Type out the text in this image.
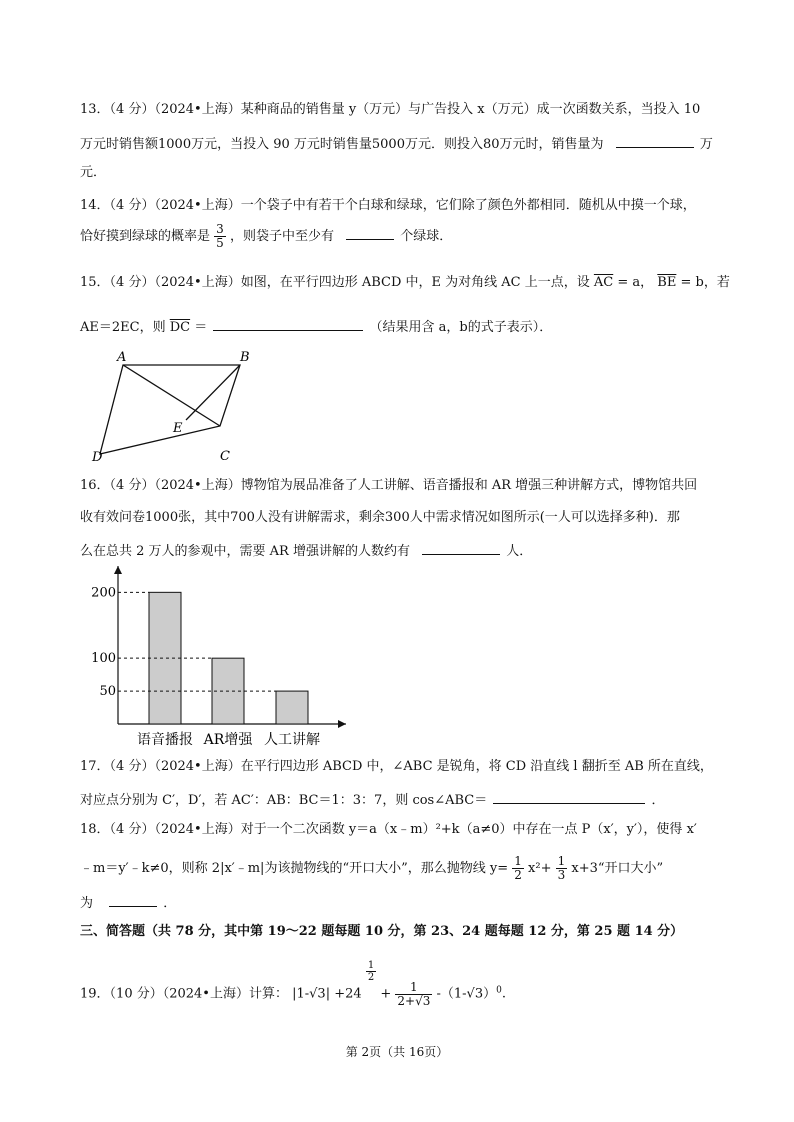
13．（4 分）（2024•上海）某种商品的销售量 y（万元）与广告投入 x（万元）成一次函数关系，当投入 10
万元时销售额1000万元，当投入 90 万元时销售量5000万元．则投入80万元时，销售量为	万
元．
14．（4 分）（2024•上海）一个袋子中有若干个白球和绿球，它们除了颜色外都相同．随机从中摸一个球，
恰好摸到绿球的概率是 $\frac{3}{5}$ ，则袋子中至少有	个绿球．
15．（4 分）（2024•上海）如图，在平行四边形 ABCD 中，E 为对角线 AC 上一点，设 $\overline{AC} = a$， $\overline{BE} = b$，若
AE＝2EC，则 $\overline{DC}$ ＝	（结果用含 a，b的式子表示）．
A	B
C
D
E
16．（4 分）（2024•上海）博物馆为展品准备了人工讲解、语音播报和 AR 增强三种讲解方式，博物馆共回
收有效问卷1000张，其中700人没有讲解需求，剩余300人中需求情况如图所示(一人可以选择多种)．那
么在总共 2 万人的参观中，需要 AR 增强讲解的人数约有	人．
200
语音播报
100
AR增强
50
人工讲解
17．（4 分）（2024•上海）在平行四边形 ABCD 中，∠ABC 是锐角，将 CD 沿直线 l 翻折至 AB 所在直线，
对应点分别为 C′，D′，若 AC′：AB：BC＝1：3：7，则 cos∠ABC＝	．
18．（4 分）（2024•上海）对于一个二次函数 y＝a（x﹣m）²+k（a≠0）中存在一点 P（x′，y′），使得 x′
﹣m＝y′﹣k≠0，则称 2|x′﹣m|为该抛物线的“开口大小”，那么抛物线 $y= \frac{1}{2} x^2+ \frac{1}{3}$ x+3“开口大小”
为	．
三、简答题（共 78 分，其中第 19～22 题每题 10 分，第 23、24 题每题 12 分，第 25 题 14 分）
19．（10 分）（2024•上海）计算： |1-√3| +24
$\frac{1}{2}$
+ $\frac{1}{2+√3} -(1-√3)^0$.
第 2页（共 16页）
